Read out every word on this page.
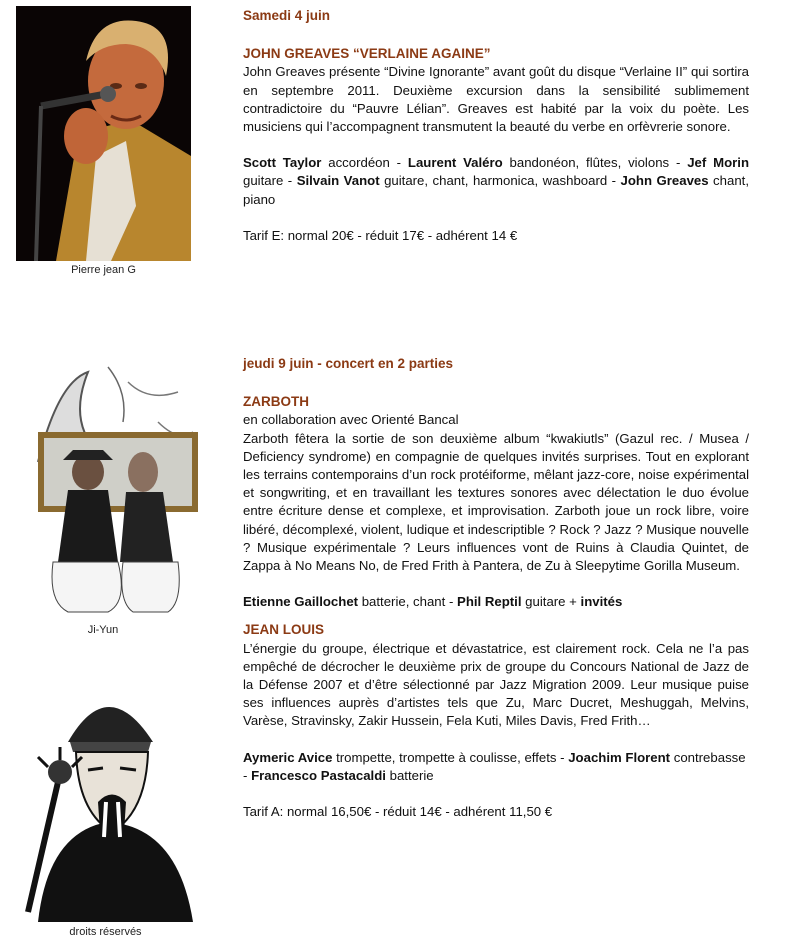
Pierre jean G

Samedi 4 juin

JOHN GREAVES “VERLAINE AGAINE”

John Greaves présente “Divine Ignorante” avant goût du disque “Verlaine II” qui sortira en septembre 2011. Deuxième excursion dans la sensibilité sublimement contradictoire du “Pauvre Lélian”. Greaves est habité par la voix du poète. Les musiciens qui l’accompagnent transmutent la beauté du verbe en orfèvrerie sonore.

Scott Taylor accordéon - Laurent Valéro bandonéon, flûtes, violons - Jef Morin guitare - Silvain Vanot guitare, chant, harmonica, washboard - John Greaves chant, piano

Tarif E: normal 20€ - réduit 17€ - adhérent 14 €

Ji-Yun

jeudi 9 juin - concert en 2 parties

ZARBOTH

en collaboration avec Orienté Bancal

Zarboth fêtera la sortie de son deuxième album “kwakiutls” (Gazul rec. / Musea / Deficiency syndrome) en compagnie de quelques invités surprises. Tout en explorant les terrains contemporains d’un rock protéiforme, mêlant jazz-core, noise expérimental et songwriting, et en travaillant les textures sonores avec délectation le duo évolue entre écriture dense et complexe, et improvisation. Zarboth joue un rock libre, voire libéré, décomplexé, violent, ludique et indescriptible ? Rock ? Jazz ? Musique nouvelle ? Musique expérimentale ? Leurs influences vont de Ruins à Claudia Quintet, de Zappa à No Means No, de Fred Frith à Pantera, de Zu à Sleepytime Gorilla Museum.

Etienne Gaillochet batterie, chant - Phil Reptil guitare + invités

JEAN LOUIS

L’énergie du groupe, électrique et dévastatrice, est clairement rock. Cela ne l’a pas empêché de décrocher le deuxième prix de groupe du Concours National de Jazz de la Défense 2007 et d’être sélectionné par Jazz Migration 2009. Leur musique puise ses influences auprès d’artistes tels que Zu, Marc Ducret, Meshuggah, Melvins, Varèse, Stravinsky, Zakir Hussein, Fela Kuti, Miles Davis, Fred Frith…

Aymeric Avice trompette, trompette à coulisse, effets - Joachim Florent contrebasse - Francesco Pastacaldi batterie

Tarif A: normal 16,50€ - réduit 14€ - adhérent 11,50 €

droits réservés
